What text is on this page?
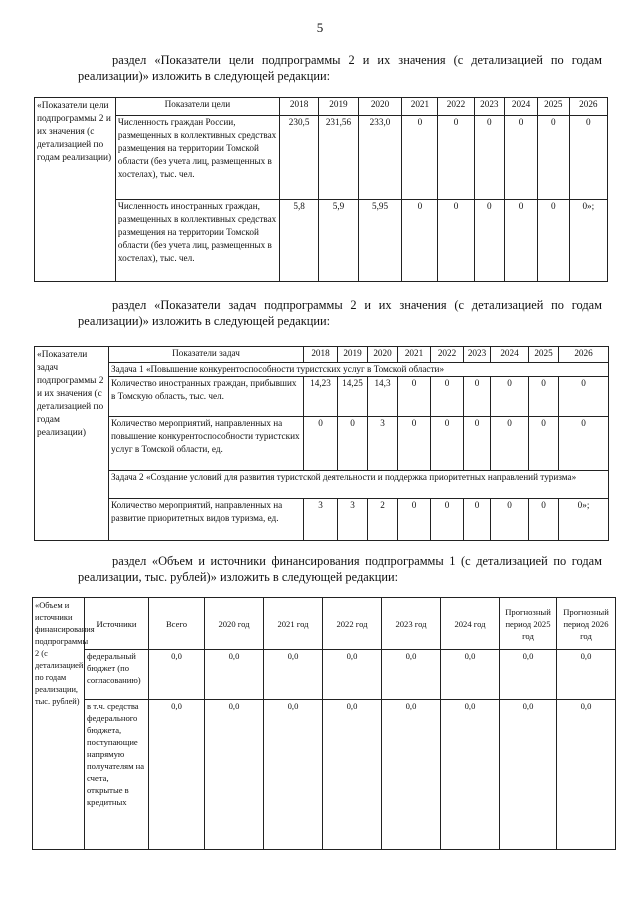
5
раздел «Показатели цели подпрограммы 2 и их значения (с детализацией по годам реализации)» изложить в следующей редакции:
«Показатели цели подпрограммы 2 и их значения (с детализацией по годам реализации)	Показатели цели	2018	2019	2020	2021	2022	2023	2024	2025	2026
	Численность граждан России, размещенных в коллективных средствах размещения на территории Томской области (без учета лиц, размещенных в хостелах), тыс. чел.	230,5	231,56	233,0	0	0	0	0	0	0
	Численность иностранных граждан, размещенных в коллективных средствах размещения на территории Томской области (без учета лиц, размещенных в хостелах), тыс. чел.	5,8	5,9	5,95	0	0	0	0	0	0»;
раздел «Показатели задач подпрограммы 2 и их значения (с детализацией по годам реализации)» изложить в следующей редакции:
«Показатели задач подпрограммы 2 и их значения (с детализацией по годам реализации)	Показатели задач	2018	2019	2020	2021	2022	2023	2024	2025	2026
	Задача 1 «Повышение конкурентоспособности туристских услуг в Томской области»									
	Количество иностранных граждан, прибывших в Томскую область, тыс. чел.	14,23	14,25	14,3	0	0	0	0	0	0
	Количество мероприятий, направленных на повышение конкурентоспособности туристских услуг в Томской области, ед.	0	0	3	0	0	0	0	0	0
	Задача 2 «Создание условий для развития туристской деятельности и поддержка приоритетных направлений туризма»									
	Количество мероприятий, направленных на развитие приоритетных видов туризма, ед.	3	3	2	0	0	0	0	0	0»;
раздел «Объем и источники финансирования подпрограммы 1 (с детализацией по годам реализации, тыс. рублей)» изложить в следующей редакции:
«Объем и источники финансирования подпрограммы 2 (с детализацией по годам реализации, тыс. рублей)	Источники	Всего	2020 год	2021 год	2022 год	2023 год	2024 год	Прогнозный период 2025 год	Прогнозный период 2026 год
	федеральный бюджет (по согласованию)	0,0	0,0	0,0	0,0	0,0	0,0	0,0	0,0
	в т.ч. средства федерального бюджета, поступающие напрямую получателям на счета, открытые в кредитных	0,0	0,0	0,0	0,0	0,0	0,0	0,0	0,0
